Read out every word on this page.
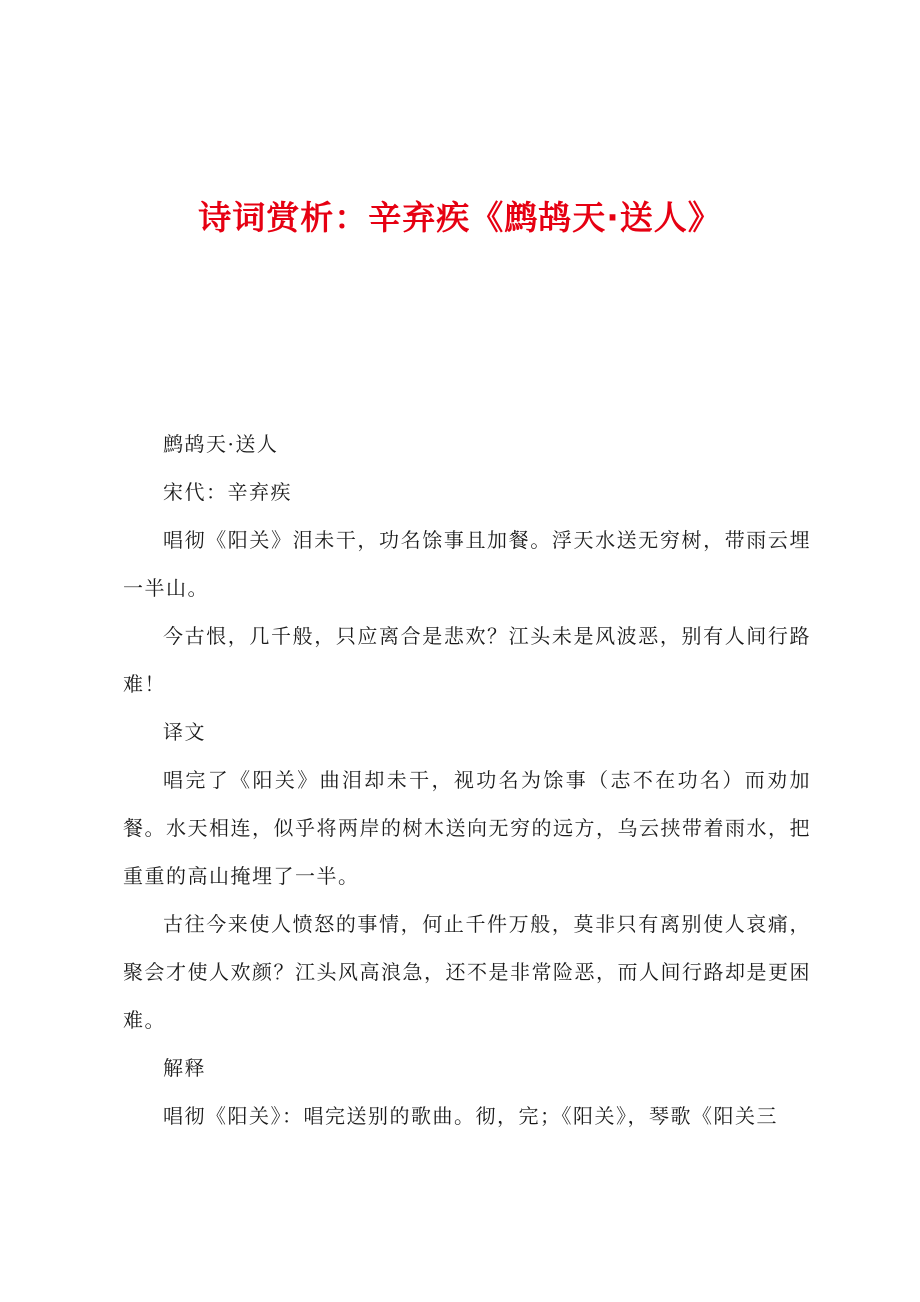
诗词赏析：辛弃疾《鹧鸪天·送人》

鹧鸪天·送人

宋代：辛弃疾

唱彻《阳关》泪未干，功名馀事且加餐。浮天水送无穷树，带雨云埋一半山。

今古恨，几千般，只应离合是悲欢？江头未是风波恶，别有人间行路难！

译文

唱完了《阳关》曲泪却未干，视功名为馀事（志不在功名）而劝加餐。水天相连，似乎将两岸的树木送向无穷的远方，乌云挟带着雨水，把重重的高山掩埋了一半。

古往今来使人愤怒的事情，何止千件万般，莫非只有离别使人哀痛，聚会才使人欢颜？江头风高浪急，还不是非常险恶，而人间行路却是更困难。

解释

唱彻《阳关》：唱完送别的歌曲。彻，完；《阳关》，琴歌《阳关三
